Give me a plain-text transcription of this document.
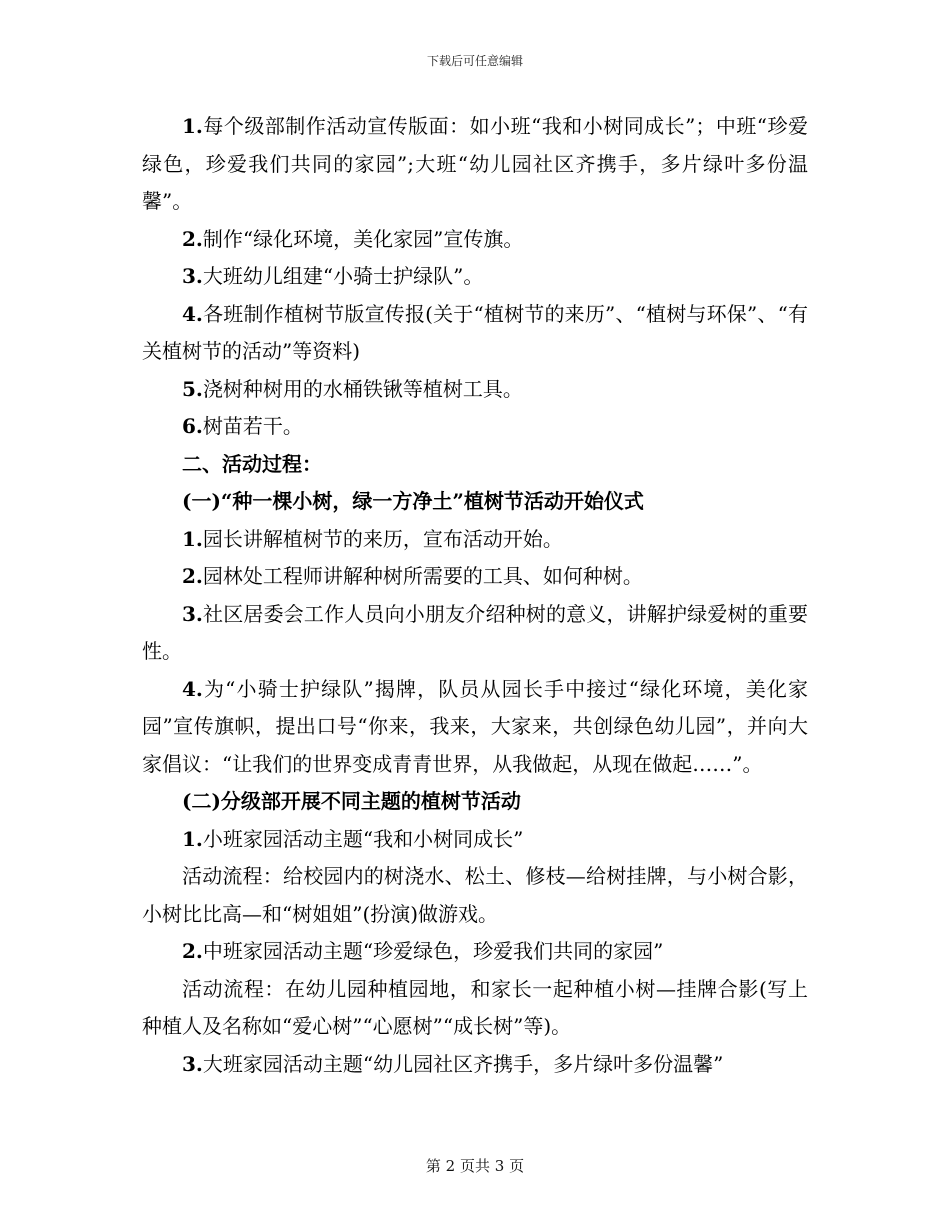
下载后可任意编辑

1.每个级部制作活动宣传版面：如小班“我和小树同成长”；中班“珍爱绿色，珍爱我们共同的家园”;大班“幼儿园社区齐携手，多片绿叶多份温馨”。

2.制作“绿化环境，美化家园”宣传旗。

3.大班幼儿组建“小骑士护绿队”。

4.各班制作植树节版宣传报(关于“植树节的来历”、“植树与环保”、“有关植树节的活动”等资料)

5.浇树种树用的水桶铁锹等植树工具。

6.树苗若干。

二、活动过程：

(一)“种一棵小树，绿一方净土”植树节活动开始仪式

1.园长讲解植树节的来历，宣布活动开始。

2.园林处工程师讲解种树所需要的工具、如何种树。

3.社区居委会工作人员向小朋友介绍种树的意义，讲解护绿爱树的重要性。

4.为“小骑士护绿队”揭牌，队员从园长手中接过“绿化环境，美化家园”宣传旗帜，提出口号“你来，我来，大家来，共创绿色幼儿园”，并向大家倡议：“让我们的世界变成青青世界，从我做起，从现在做起……”。

(二)分级部开展不同主题的植树节活动

1.小班家园活动主题“我和小树同成长”

活动流程：给校园内的树浇水、松土、修枝—给树挂牌，与小树合影，小树比比高—和“树姐姐”(扮演)做游戏。

2.中班家园活动主题“珍爱绿色，珍爱我们共同的家园”

活动流程：在幼儿园种植园地，和家长一起种植小树—挂牌合影(写上种植人及名称如“爱心树”“心愿树”“成长树”等)。

3.大班家园活动主题“幼儿园社区齐携手，多片绿叶多份温馨”

第 2 页共 3 页
